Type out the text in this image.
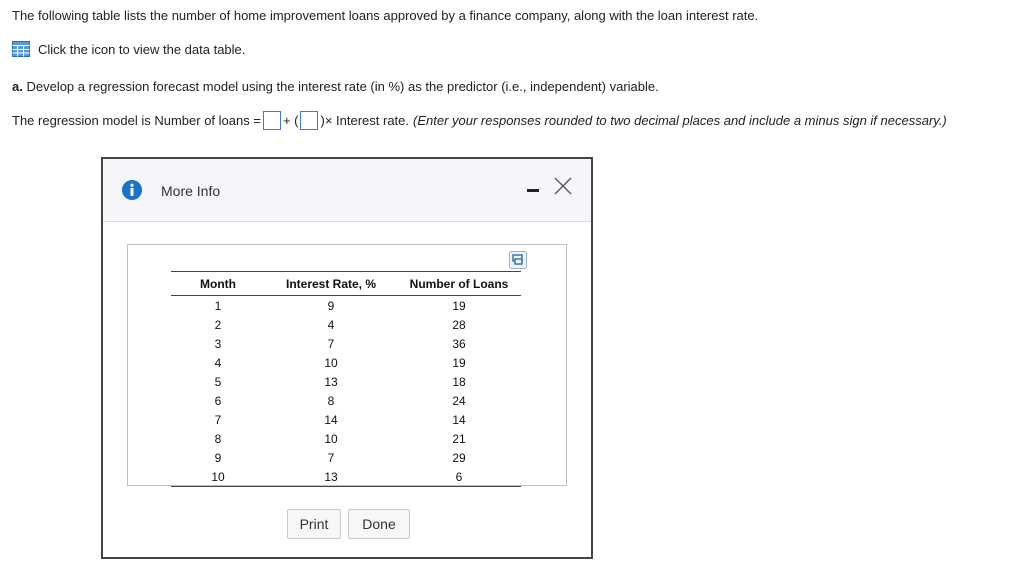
The following table lists the number of home improvement loans approved by a finance company, along with the loan interest rate.
Click the icon to view the data table.
a. Develop a regression forecast model using the interest rate (in %) as the predictor (i.e., independent) variable.
The regression model is Number of loans = + ( )× Interest rate. (Enter your responses rounded to two decimal places and include a minus sign if necessary.)
More Info
Month	Interest Rate, %	Number of Loans
1	9	19
2	4	28
3	7	36
4	10	19
5	13	18
6	8	24
7	14	14
8	10	21
9	7	29
10	13	6
Print	Done
